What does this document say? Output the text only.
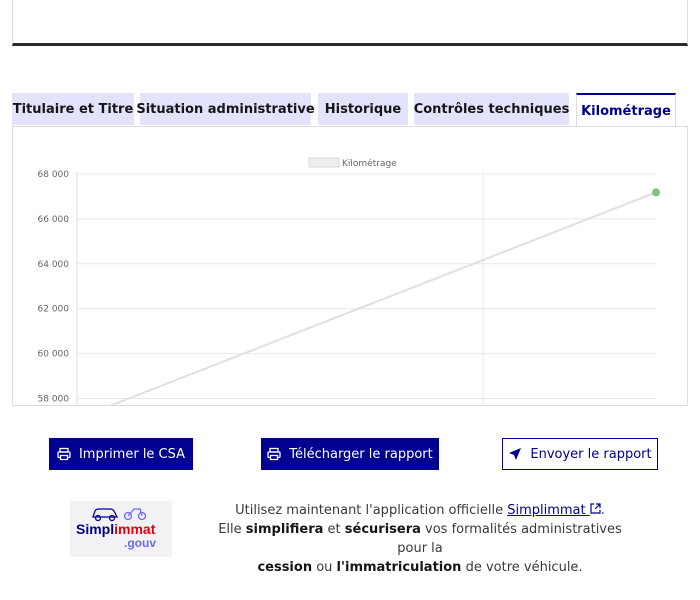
Titulaire et Titre Situation administrative Historique Contrôles techniques Kilométrage
68 000
66 000
64 000
62 000
60 000
58 000
Kilométrage
Imprimer le CSA	Télécharger le rapport	Envoyer le rapport
Simplimmat
.gouv
Utilisez maintenant l'application officielle Simplimmat .
Elle simplifiera et sécurisera vos formalités administratives pour la
cession ou l'immatriculation de votre véhicule.
